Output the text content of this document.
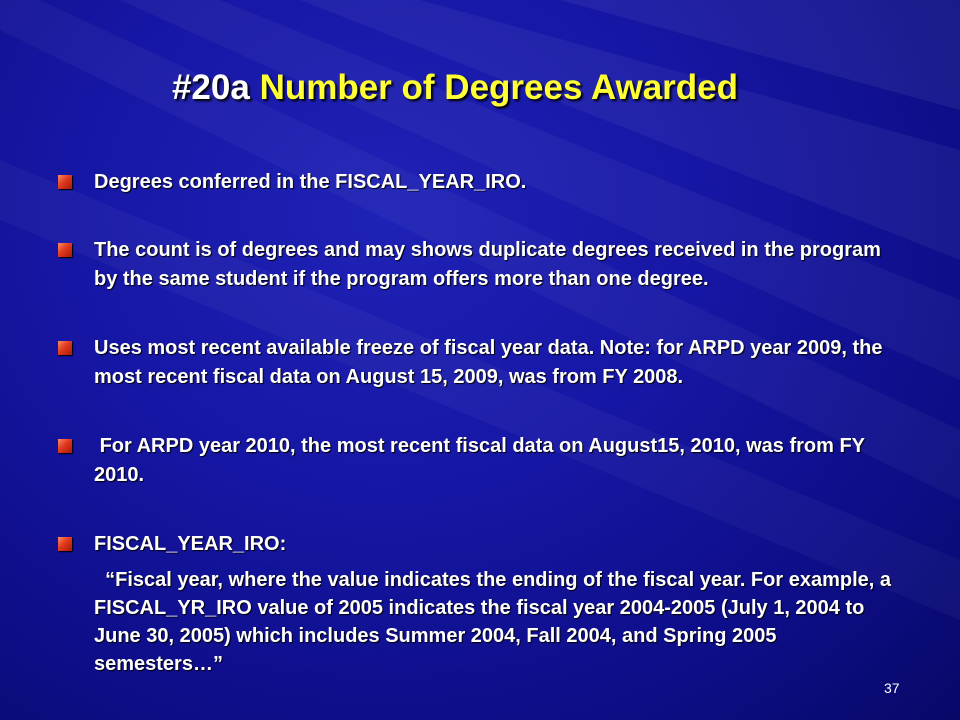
#20a Number of Degrees Awarded
Degrees conferred in the FISCAL_YEAR_IRO.
The count is of degrees and may shows duplicate degrees received in the program by the same student if the program offers more than one degree.
Uses most recent available freeze of fiscal year data. Note: for ARPD year 2009, the most recent fiscal data on August 15, 2009, was from FY 2008.
For ARPD year 2010, the most recent fiscal data on August15, 2010, was from FY 2010.
FISCAL_YEAR_IRO:
“Fiscal year, where the value indicates the ending of the fiscal year. For example, a FISCAL_YR_IRO value of 2005 indicates the fiscal year 2004-2005 (July 1, 2004 to June 30, 2005) which includes Summer 2004, Fall 2004, and Spring 2005 semesters…”
37
